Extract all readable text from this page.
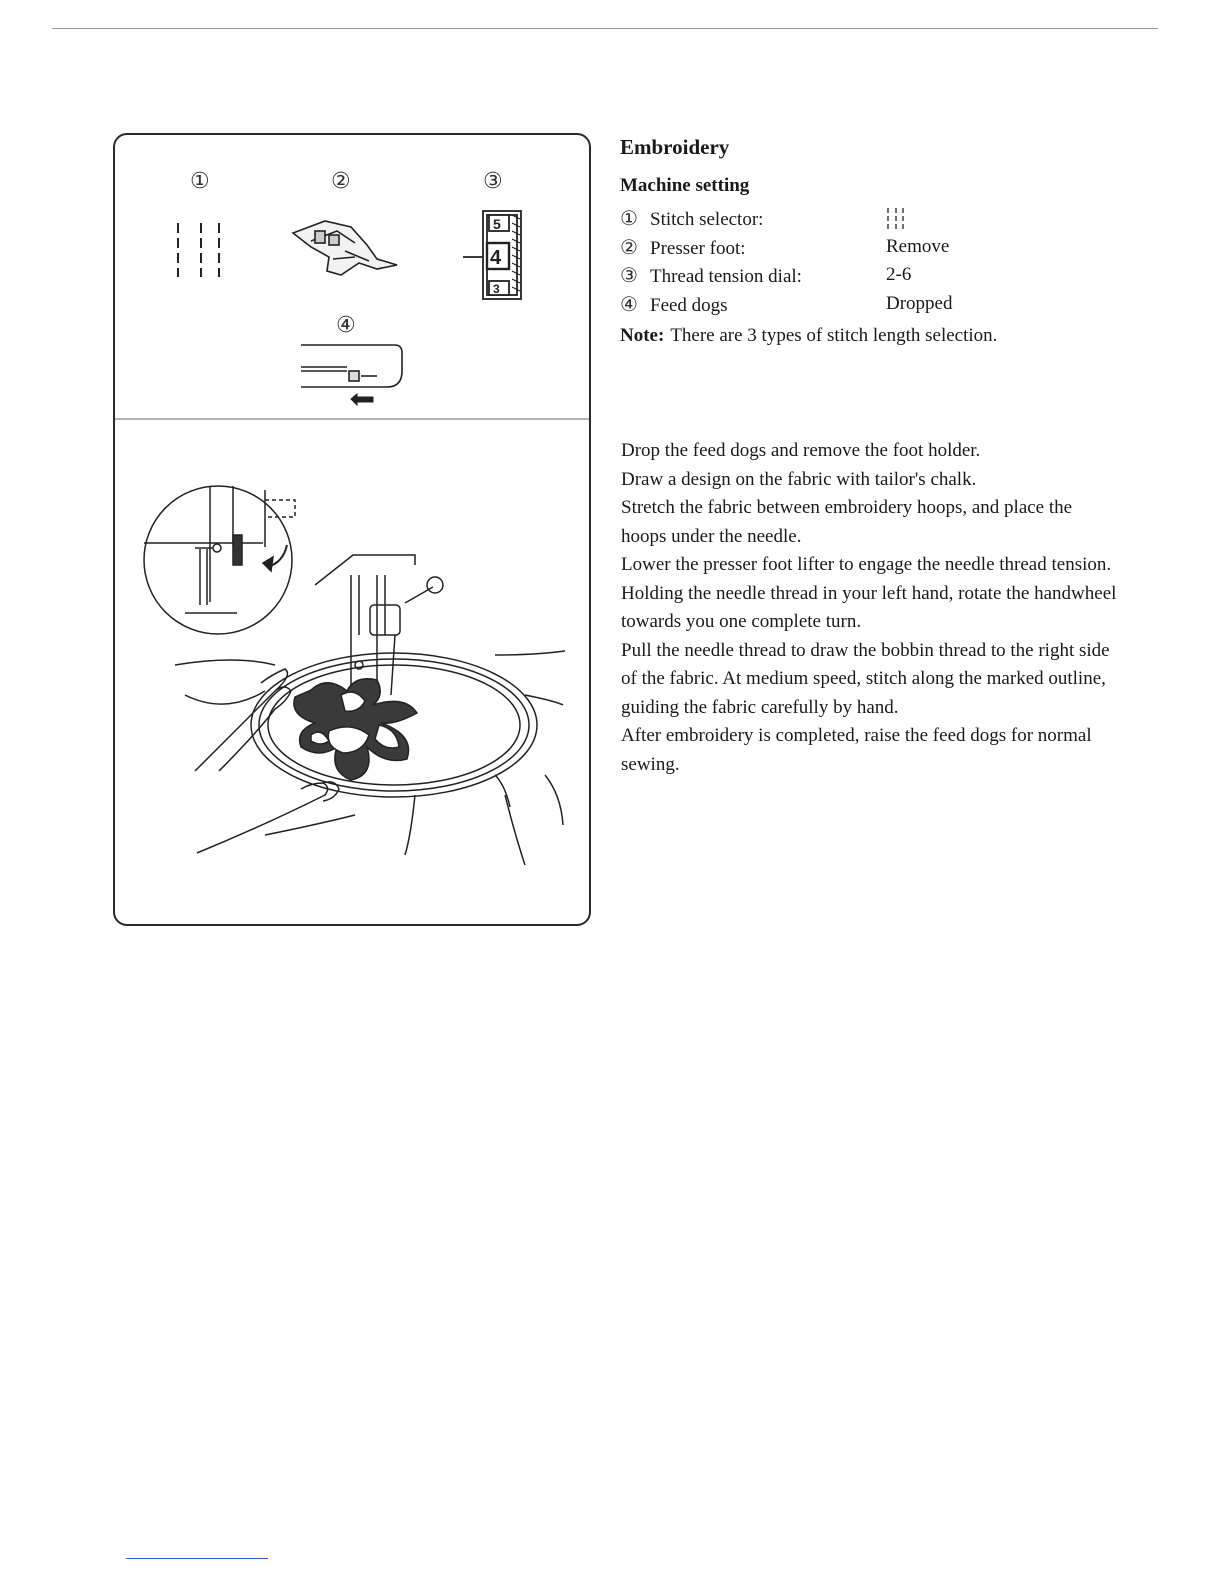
①	②	③
④
5
4
3
Embroidery
Machine setting
① Stitch selector:
② Presser foot:	Remove
③ Thread tension dial:	2-6
④ Feed dogs	Dropped

Note: There are 3 types of stitch length selection.

Drop the feed dogs and remove the foot holder.

Draw a design on the fabric with tailor's chalk.

Stretch the fabric between embroidery hoops, and place the hoops under the needle.

Lower the presser foot lifter to engage the needle thread tension. Holding the needle thread in your left hand, rotate the handwheel towards you one complete turn.

Pull the needle thread to draw the bobbin thread to the right side of the fabric. At medium speed, stitch along the marked outline, guiding the fabric carefully by hand.

After embroidery is completed, raise the feed dogs for normal sewing.
